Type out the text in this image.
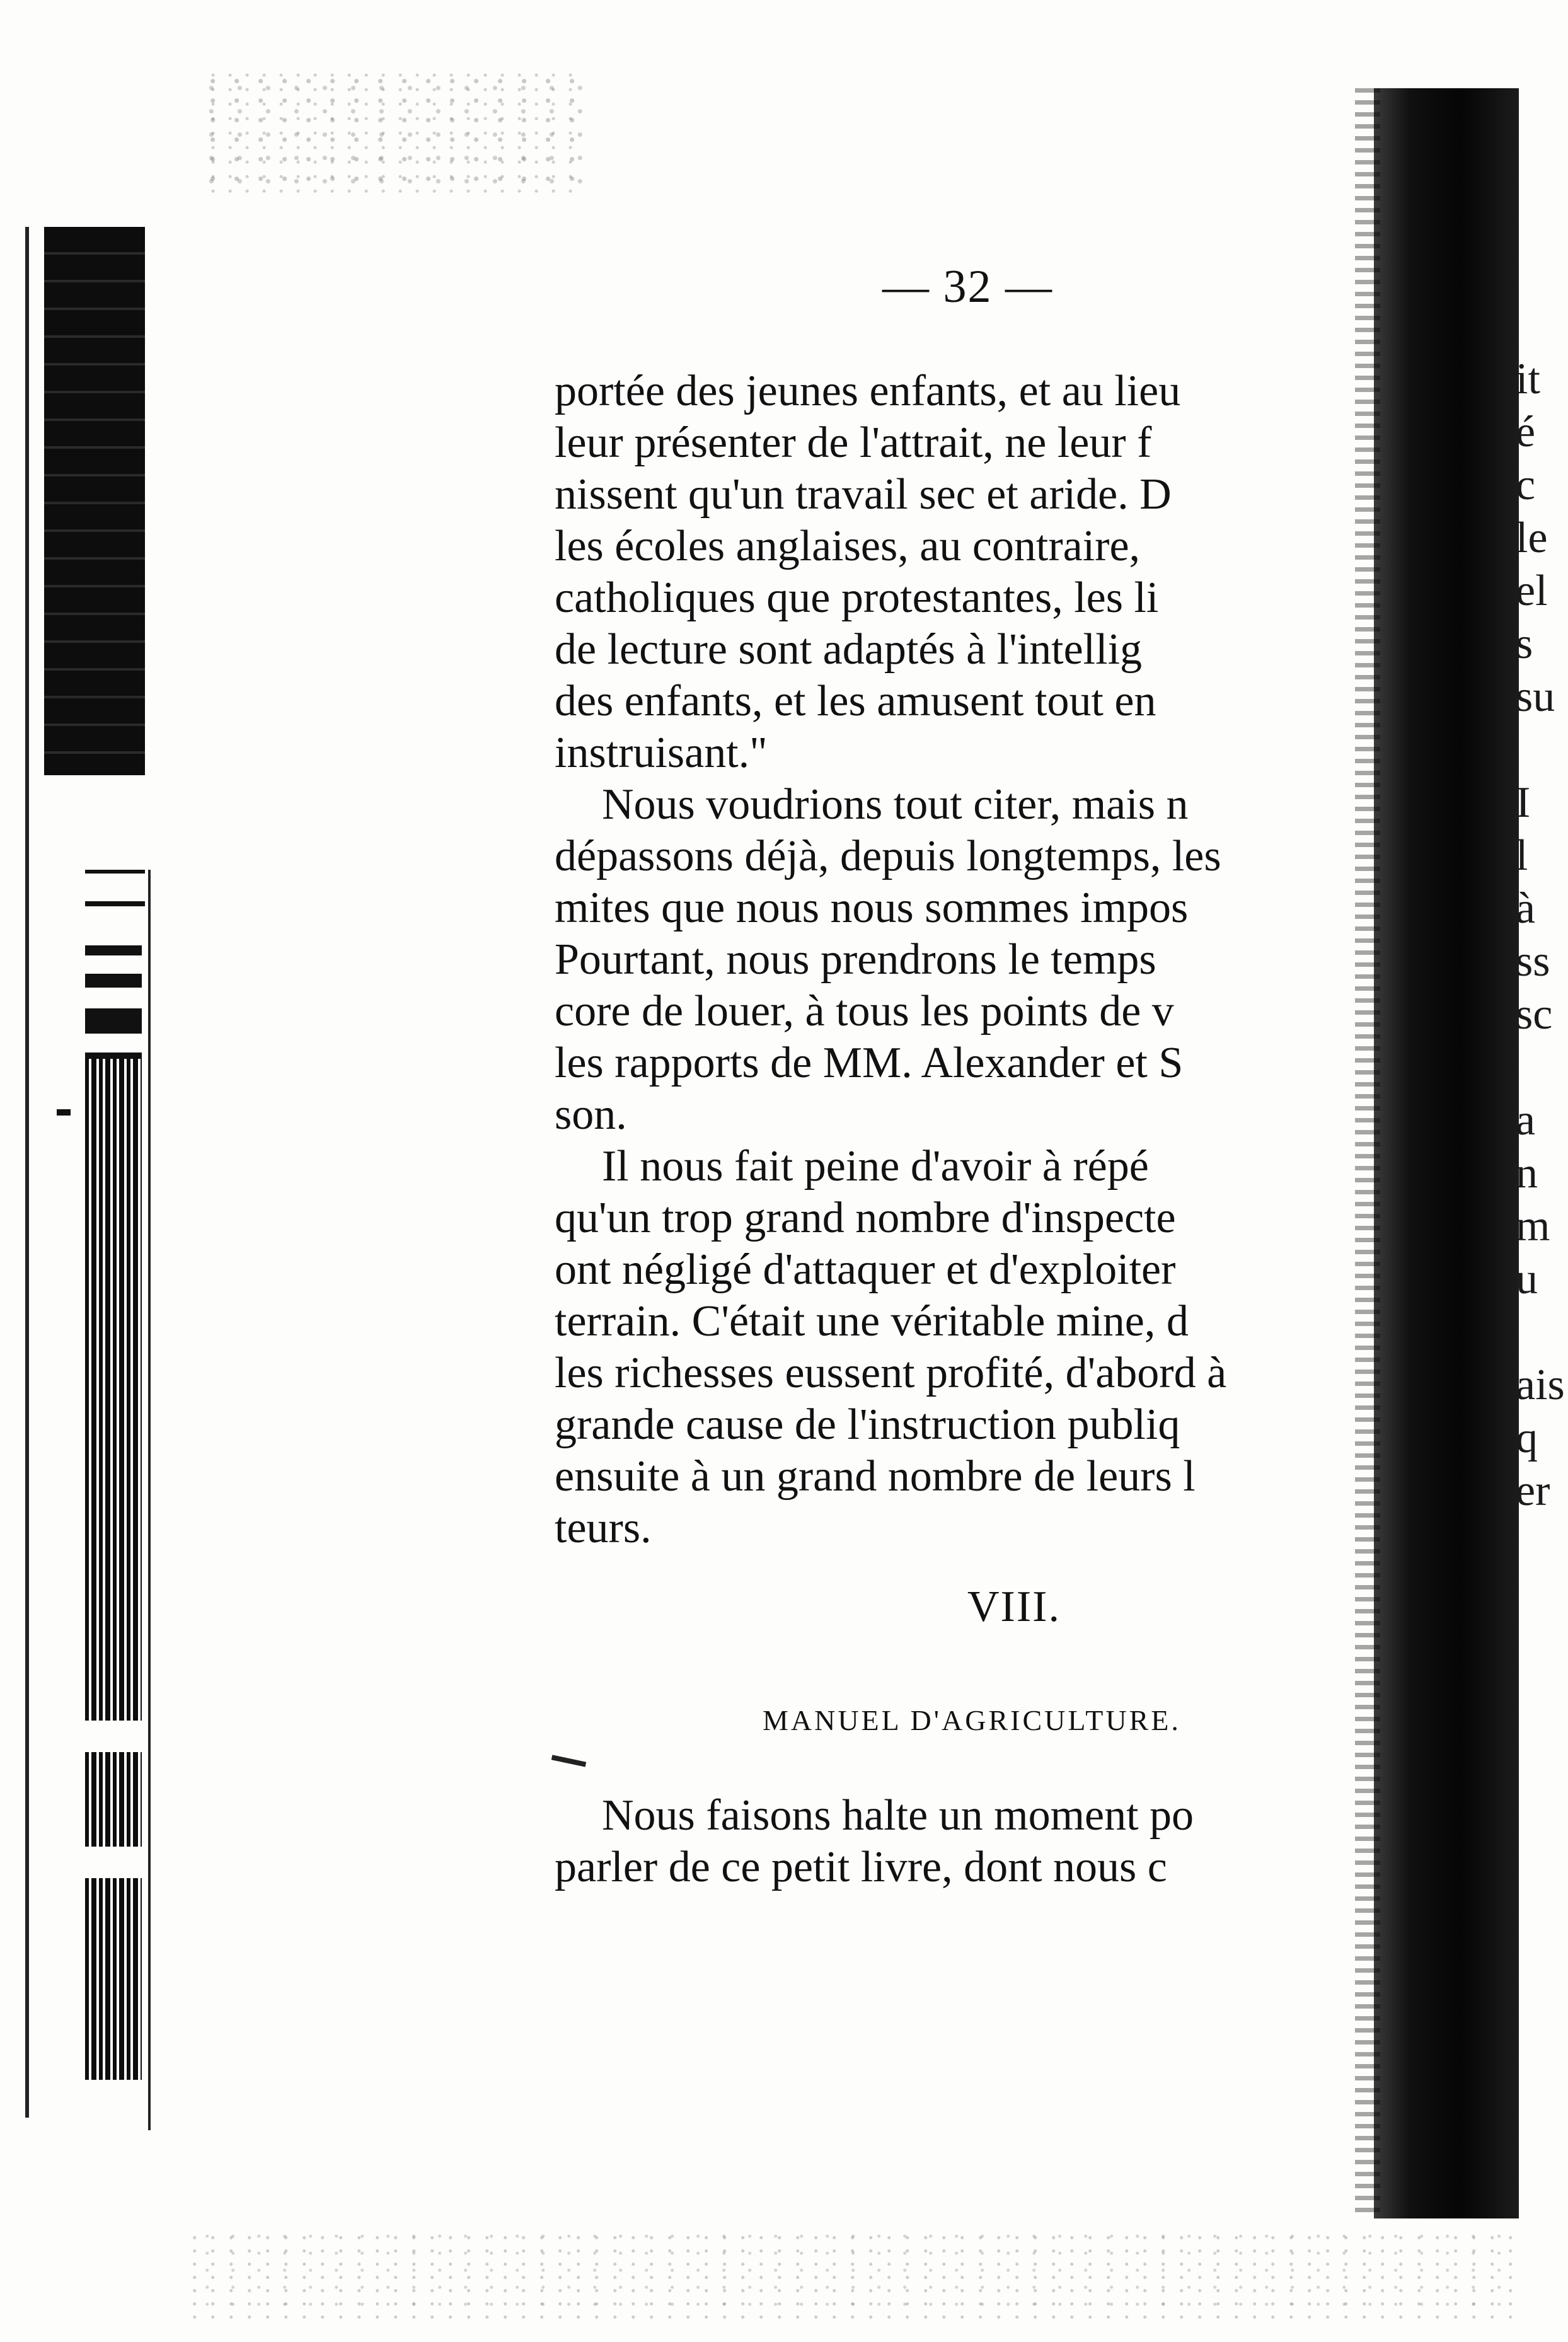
it
é
c
le
el
s
su
I
l
à
ss
sc
a
n
m
u
ais
q
er
— 32 —
portée des jeunes enfants, et au lieu
leur présenter de l'attrait, ne leur f
nissent qu'un travail sec et aride. D
les écoles anglaises, au contraire,
catholiques que protestantes, les li
de lecture sont adaptés à l'intellig
des enfants, et les amusent tout en
instruisant."
Nous voudrions tout citer, mais n
dépassons déjà, depuis longtemps, les
mites que nous nous sommes impos
Pourtant, nous prendrons le temps
core de louer, à tous les points de v
les rapports de MM. Alexander et S
son.
Il nous fait peine d'avoir à répé
qu'un trop grand nombre d'inspecte
ont négligé d'attaquer et d'exploiter
terrain. C'était une véritable mine, d
les richesses eussent profité, d'abord à
grande cause de l'instruction publiq
ensuite à un grand nombre de leurs l
teurs.
VIII.
MANUEL D'AGRICULTURE.
Nous faisons halte un moment po
parler de ce petit livre, dont nous c
